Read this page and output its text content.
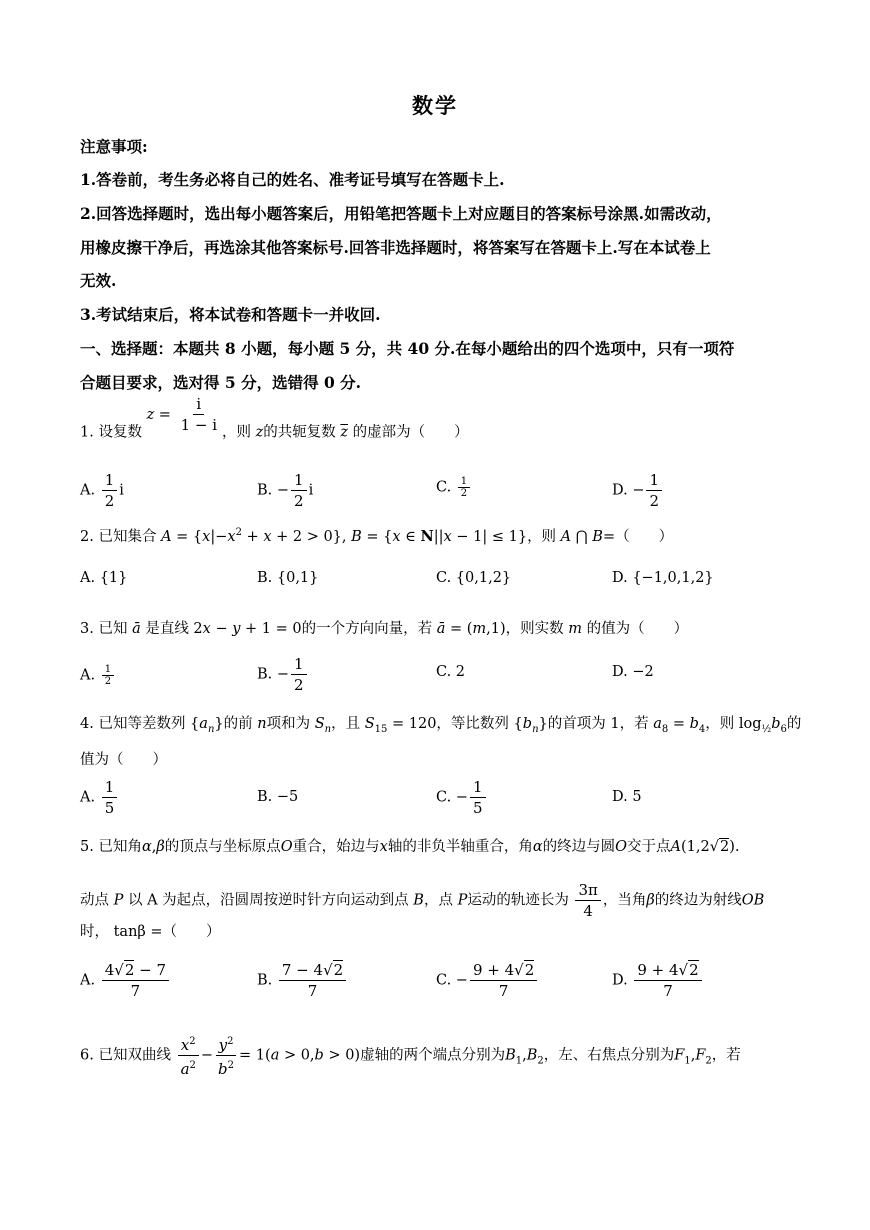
数学
注意事项:
1.答卷前，考生务必将自己的姓名、准考证号填写在答题卡上.
2.回答选择题时，选出每小题答案后，用铅笔把答题卡上对应题目的答案标号涂黑.如需改动，
用橡皮擦干净后，再选涂其他答案标号.回答非选择题时，将答案写在答题卡上.写在本试卷上
无效.
3.考试结束后，将本试卷和答题卡一并收回.
一、选择题：本题共 8 小题，每小题 5 分，共 40 分.在每小题给出的四个选项中，只有一项符
合题目要求，选对得 5 分，选错得 0 分.
1. 设复数 $z = \frac{i}{1 - i}$ ，则 z的共轭复数 $\overline{z}$ 的虚部为（　　）
A. $\frac{1}{2}$ i	B. − $\frac{1}{2}$ i	C. $\frac{1}{2}$	D. − $\frac{1}{2}$
2. 已知集合 $A = \{x|-x^2 + x + 2 > 0\}$, B = {x ∈ N||x − 1| ≤ 1}，则 A ⋂ B=（　　）
A. {1}	B. {0,1}	C. {0,1,2}	D. {−1,0,1,2}
3. 已知 ā 是直线 2x − y + 1 = 0的一个方向向量，若 ā = (m,1)，则实数 m 的值为（　　）
A. $\frac{1}{2}$	B. − $\frac{1}{2}$	C. 2	D. −2
4. 已知等差数列 $\{a_n\}$的前 n项和为 $S_n$，且 $S_{15} = 120$，等比数列 $\{b_n\}$的首项为 1，若 $a_8 = b_4$，则 $\log_{\frac{1}{2}}b_6$的
值为（　　）
A. $\frac{1}{5}$	B. −5	C. − $\frac{1}{5}$	D. 5
5. 已知角α,β的顶点与坐标原点O重合，始边与x轴的非负半轴重合，角α的终边与圆O交于点A(1,2√2).
动点 P 以 A 为起点，沿圆周按逆时针方向运动到点 B，点 P运动的轨迹长为 $\frac{3\pi}{4}$ ，当角β的终边为射线OB
时， tanβ =（　　）
A. $\frac{4√2 - 7}{7}$	B. $\frac{7 - 4√2}{7}$	C. − $\frac{9 + 4√2}{7}$	D. $\frac{9 + 4√2}{7}$
6. 已知双曲线 $\frac{x^2}{a^2} - \frac{y^2}{b^2} = 1(a > 0,b > 0)$虚轴的两个端点分别为$B_1,B_2$，左、右焦点分别为$F_1,F_2$，若
